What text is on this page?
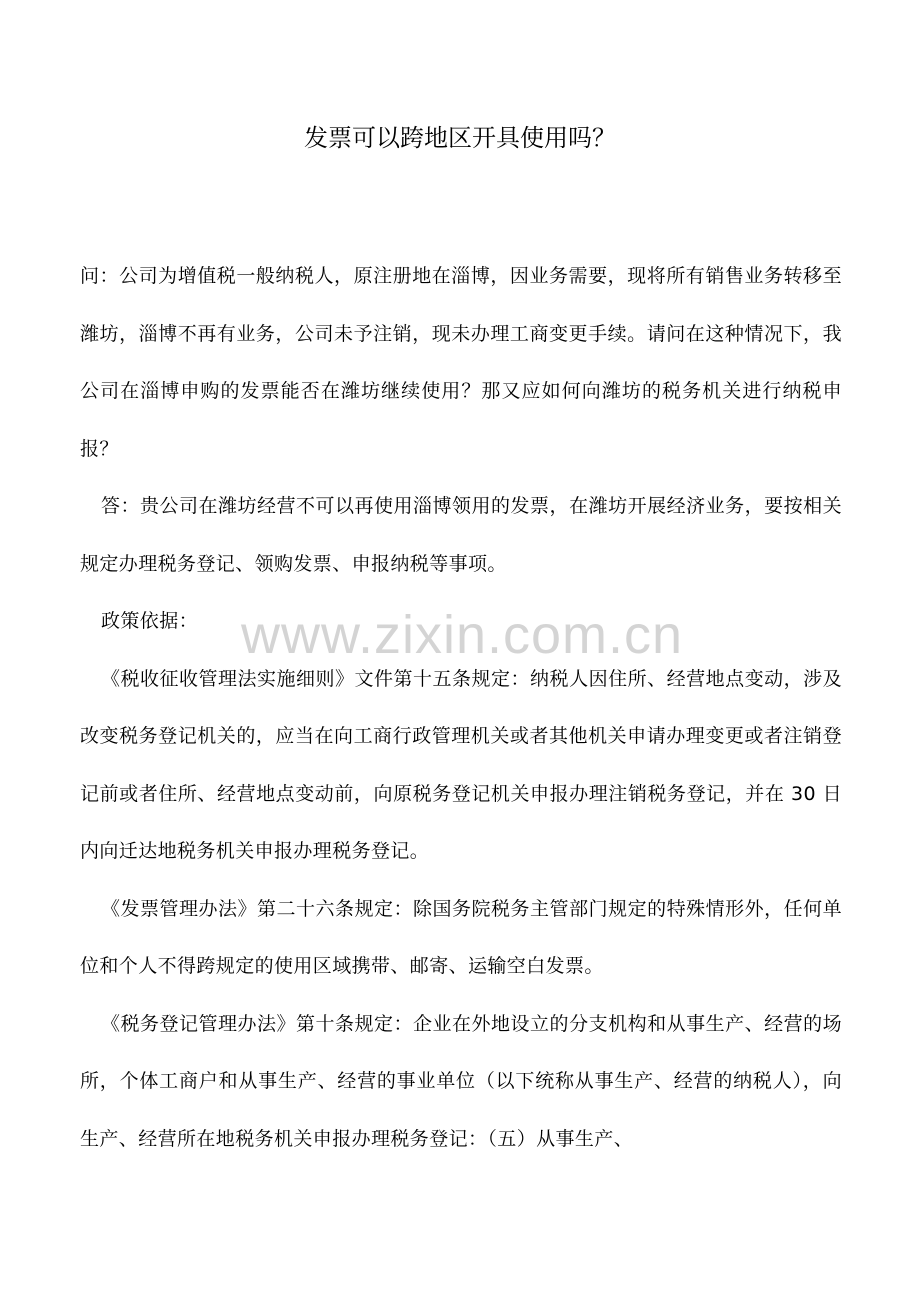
发票可以跨地区开具使用吗？

问：公司为增值税一般纳税人，原注册地在淄博，因业务需要，现将所有销售业务转移至潍坊，淄博不再有业务，公司未予注销，现未办理工商变更手续。请问在这种情况下，我公司在淄博申购的发票能否在潍坊继续使用？那又应如何向潍坊的税务机关进行纳税申报？

答：贵公司在潍坊经营不可以再使用淄博领用的发票，在潍坊开展经济业务，要按相关规定办理税务登记、领购发票、申报纳税等事项。

政策依据：

《税收征收管理法实施细则》文件第十五条规定：纳税人因住所、经营地点变动，涉及改变税务登记机关的，应当在向工商行政管理机关或者其他机关申请办理变更或者注销登记前或者住所、经营地点变动前，向原税务登记机关申报办理注销税务登记，并在 30 日内向迁达地税务机关申报办理税务登记。

《发票管理办法》第二十六条规定：除国务院税务主管部门规定的特殊情形外，任何单位和个人不得跨规定的使用区域携带、邮寄、运输空白发票。

《税务登记管理办法》第十条规定：企业在外地设立的分支机构和从事生产、经营的场所，个体工商户和从事生产、经营的事业单位（以下统称从事生产、经营的纳税人），向生产、经营所在地税务机关申报办理税务登记：（五）从事生产、

www.zixin.com.cn
